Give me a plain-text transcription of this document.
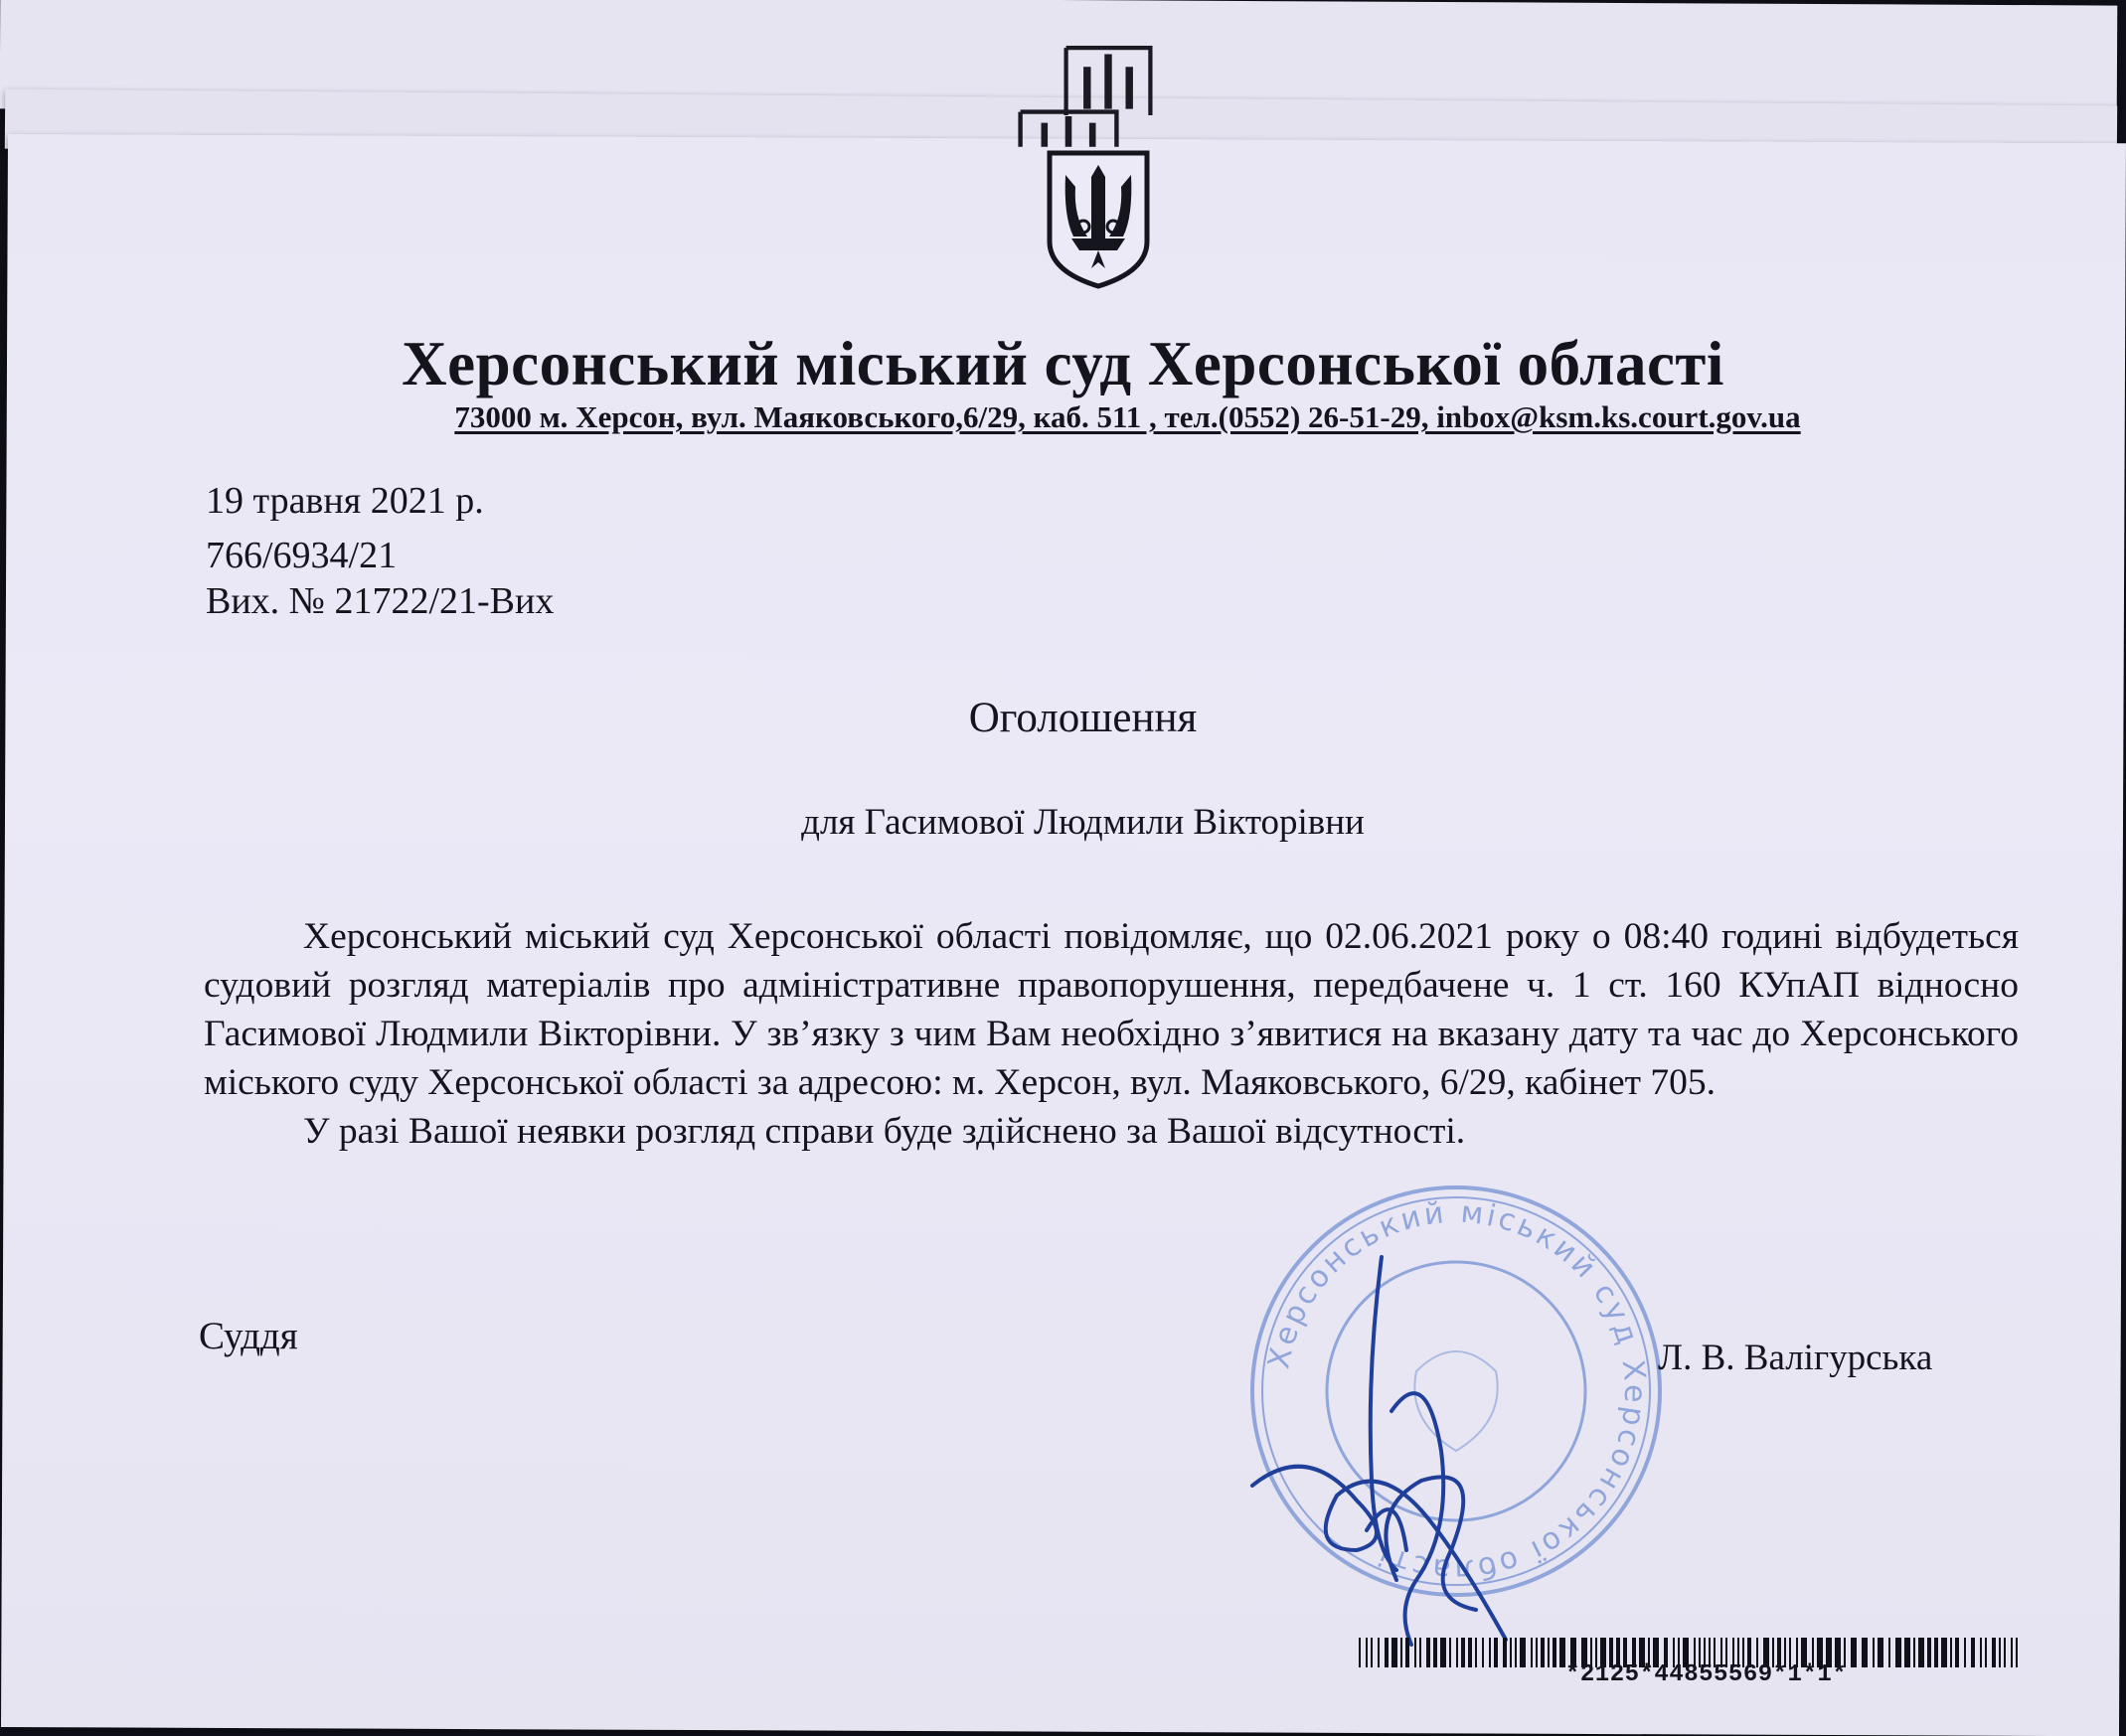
Херсонський міський суд Херсонської області
73000 м. Херсон, вул. Маяковського,6/29, каб. 511 , тел.(0552) 26-51-29, inbox@ksm.ks.court.gov.ua
19 травня 2021 р.
766/6934/21
Вих. № 21722/21-Вих
Оголошення
для Гасимової Людмили Вікторівни

Херсонський міський суд Херсонської області повідомляє, що 02.06.2021 року о 08:40 годині відбудеться судовий розгляд матеріалів про адміністративне правопорушення, передбачене ч. 1 ст. 160 КУпАП відносно Гасимової Людмили Вікторівни. У зв’язку з чим Вам необхідно з’явитися на вказану дату та час до Херсонського міського суду Херсонської області за адресою: м. Херсон, вул. Маяковського, 6/29, кабінет 705.

У разі Вашої неявки розгляд справи буде здійснено за Вашої відсутності.

Херсонський міський суд Херсонської області
Суддя
Л. В. Валігурська
*2125*44855569*1*1*
